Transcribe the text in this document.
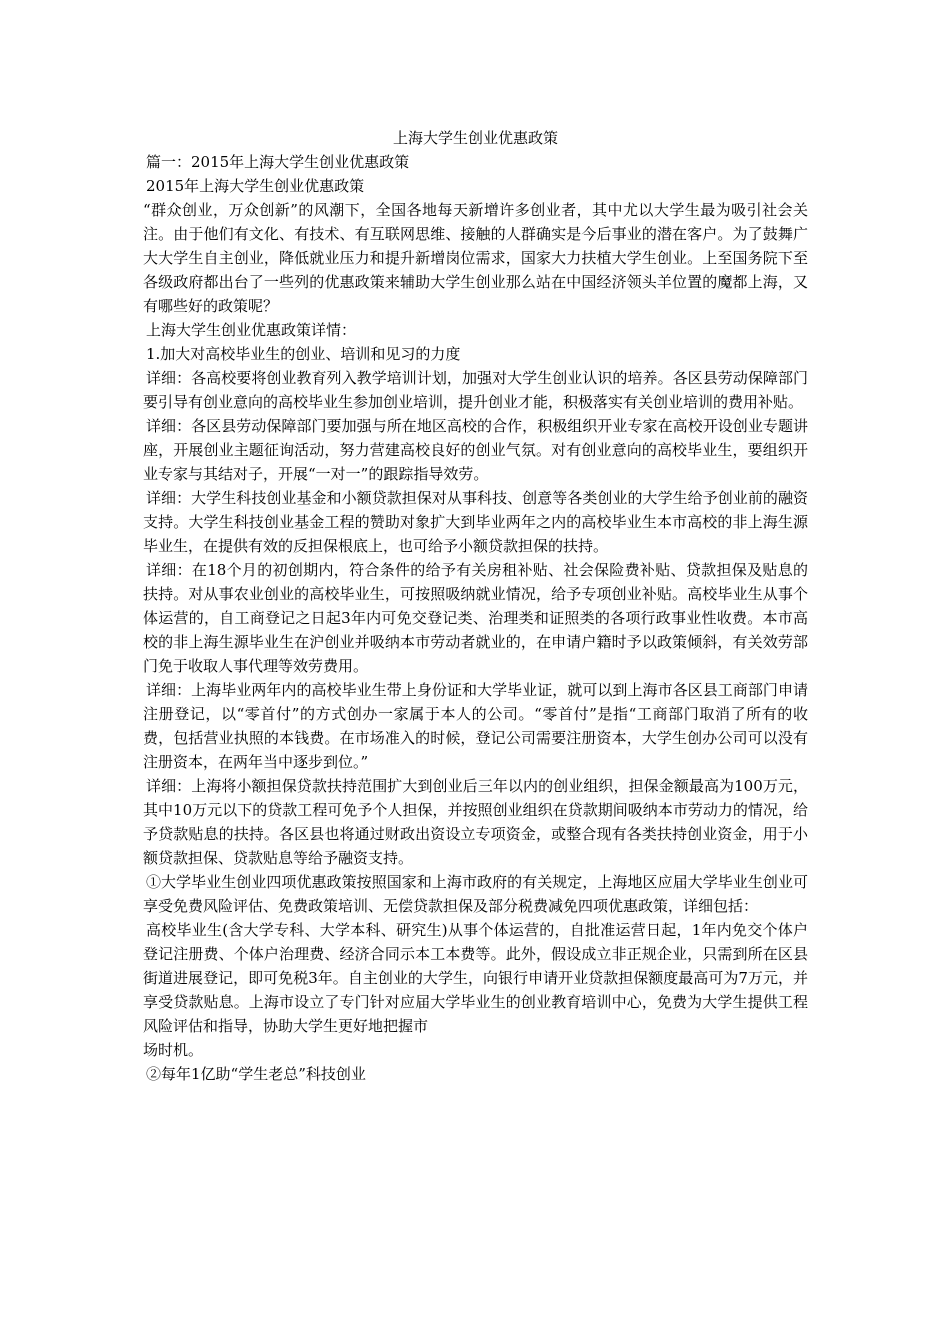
上海大学生创业优惠政策

篇一：2015年上海大学生创业优惠政策

2015年上海大学生创业优惠政策

“群众创业，万众创新”的风潮下，全国各地每天新增许多创业者，其中尤以大学生最为吸引社会关注。由于他们有文化、有技术、有互联网思维、接触的人群确实是今后事业的潜在客户。为了鼓舞广大大学生自主创业，降低就业压力和提升新增岗位需求，国家大力扶植大学生创业。上至国务院下至各级政府都出台了一些列的优惠政策来辅助大学生创业那么站在中国经济领头羊位置的魔都上海，又有哪些好的政策呢？

上海大学生创业优惠政策详情：

1.加大对高校毕业生的创业、培训和见习的力度

详细：各高校要将创业教育列入教学培训计划，加强对大学生创业认识的培养。各区县劳动保障部门要引导有创业意向的高校毕业生参加创业培训，提升创业才能，积极落实有关创业培训的费用补贴。

详细：各区县劳动保障部门要加强与所在地区高校的合作，积极组织开业专家在高校开设创业专题讲座，开展创业主题征询活动，努力营建高校良好的创业气氛。对有创业意向的高校毕业生，要组织开业专家与其结对子，开展“一对一”的跟踪指导效劳。

详细：大学生科技创业基金和小额贷款担保对从事科技、创意等各类创业的大学生给予创业前的融资支持。大学生科技创业基金工程的赞助对象扩大到毕业两年之内的高校毕业生本市高校的非上海生源毕业生，在提供有效的反担保根底上，也可给予小额贷款担保的扶持。

详细：在18个月的初创期内，符合条件的给予有关房租补贴、社会保险费补贴、贷款担保及贴息的扶持。对从事农业创业的高校毕业生，可按照吸纳就业情况，给予专项创业补贴。高校毕业生从事个体运营的，自工商登记之日起3年内可免交登记类、治理类和证照类的各项行政事业性收费。本市高校的非上海生源毕业生在沪创业并吸纳本市劳动者就业的，在申请户籍时予以政策倾斜，有关效劳部门免于收取人事代理等效劳费用。

详细：上海毕业两年内的高校毕业生带上身份证和大学毕业证，就可以到上海市各区县工商部门申请注册登记，以“零首付”的方式创办一家属于本人的公司。“零首付”是指“工商部门取消了所有的收费，包括营业执照的本钱费。在市场准入的时候，登记公司需要注册资本，大学生创办公司可以没有注册资本，在两年当中逐步到位。”

详细：上海将小额担保贷款扶持范围扩大到创业后三年以内的创业组织，担保金额最高为100万元，其中10万元以下的贷款工程可免予个人担保，并按照创业组织在贷款期间吸纳本市劳动力的情况，给予贷款贴息的扶持。各区县也将通过财政出资设立专项资金，或整合现有各类扶持创业资金，用于小额贷款担保、贷款贴息等给予融资支持。

①大学毕业生创业四项优惠政策按照国家和上海市政府的有关规定，上海地区应届大学毕业生创业可享受免费风险评估、免费政策培训、无偿贷款担保及部分税费减免四项优惠政策，详细包括：

高校毕业生(含大学专科、大学本科、研究生)从事个体运营的，自批准运营日起，1年内免交个体户登记注册费、个体户治理费、经济合同示本工本费等。此外，假设成立非正规企业，只需到所在区县街道进展登记，即可免税3年。自主创业的大学生，向银行申请开业贷款担保额度最高可为7万元，并享受贷款贴息。上海市设立了专门针对应届大学毕业生的创业教育培训中心，免费为大学生提供工程风险评估和指导，协助大学生更好地把握市

场时机。

②每年1亿助“学生老总”科技创业
